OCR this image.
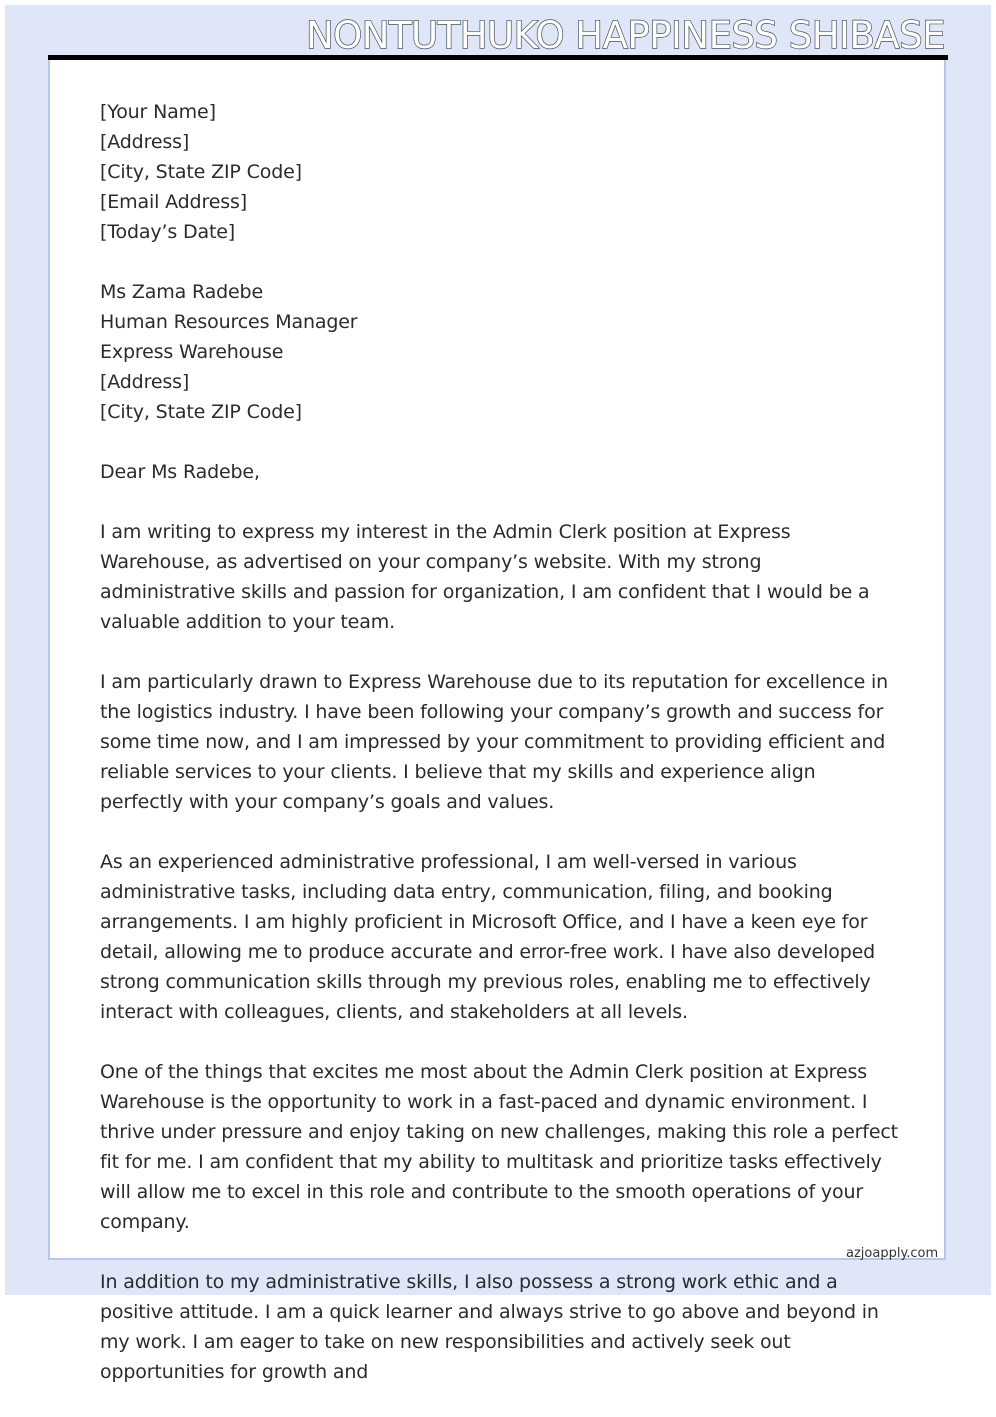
NONTUTHUKO HAPPINESS SHIBASE
[Your Name]
[Address]
[City, State ZIP Code]
[Email Address]
[Today’s Date]
Ms Zama Radebe
Human Resources Manager
Express Warehouse
[Address]
[City, State ZIP Code]
Dear Ms Radebe,

I am writing to express my interest in the Admin Clerk position at Express Warehouse, as advertised on your company’s website. With my strong administrative skills and passion for organization, I am confident that I would be a valuable addition to your team.

I am particularly drawn to Express Warehouse due to its reputation for excellence in the logistics industry. I have been following your company’s growth and success for some time now, and I am impressed by your commitment to providing efficient and reliable services to your clients. I believe that my skills and experience align perfectly with your company’s goals and values.

As an experienced administrative professional, I am well-versed in various administrative tasks, including data entry, communication, filing, and booking arrangements. I am highly proficient in Microsoft Office, and I have a keen eye for detail, allowing me to produce accurate and error-free work. I have also developed strong communication skills through my previous roles, enabling me to effectively interact with colleagues, clients, and stakeholders at all levels.

One of the things that excites me most about the Admin Clerk position at Express Warehouse is the opportunity to work in a fast-paced and dynamic environment. I thrive under pressure and enjoy taking on new challenges, making this role a perfect fit for me. I am confident that my ability to multitask and prioritize tasks effectively will allow me to excel in this role and contribute to the smooth operations of your company.

In addition to my administrative skills, I also possess a strong work ethic and a positive attitude. I am a quick learner and always strive to go above and beyond in my work. I am eager to take on new responsibilities and actively seek out opportunities for growth and

azjoapply.com
